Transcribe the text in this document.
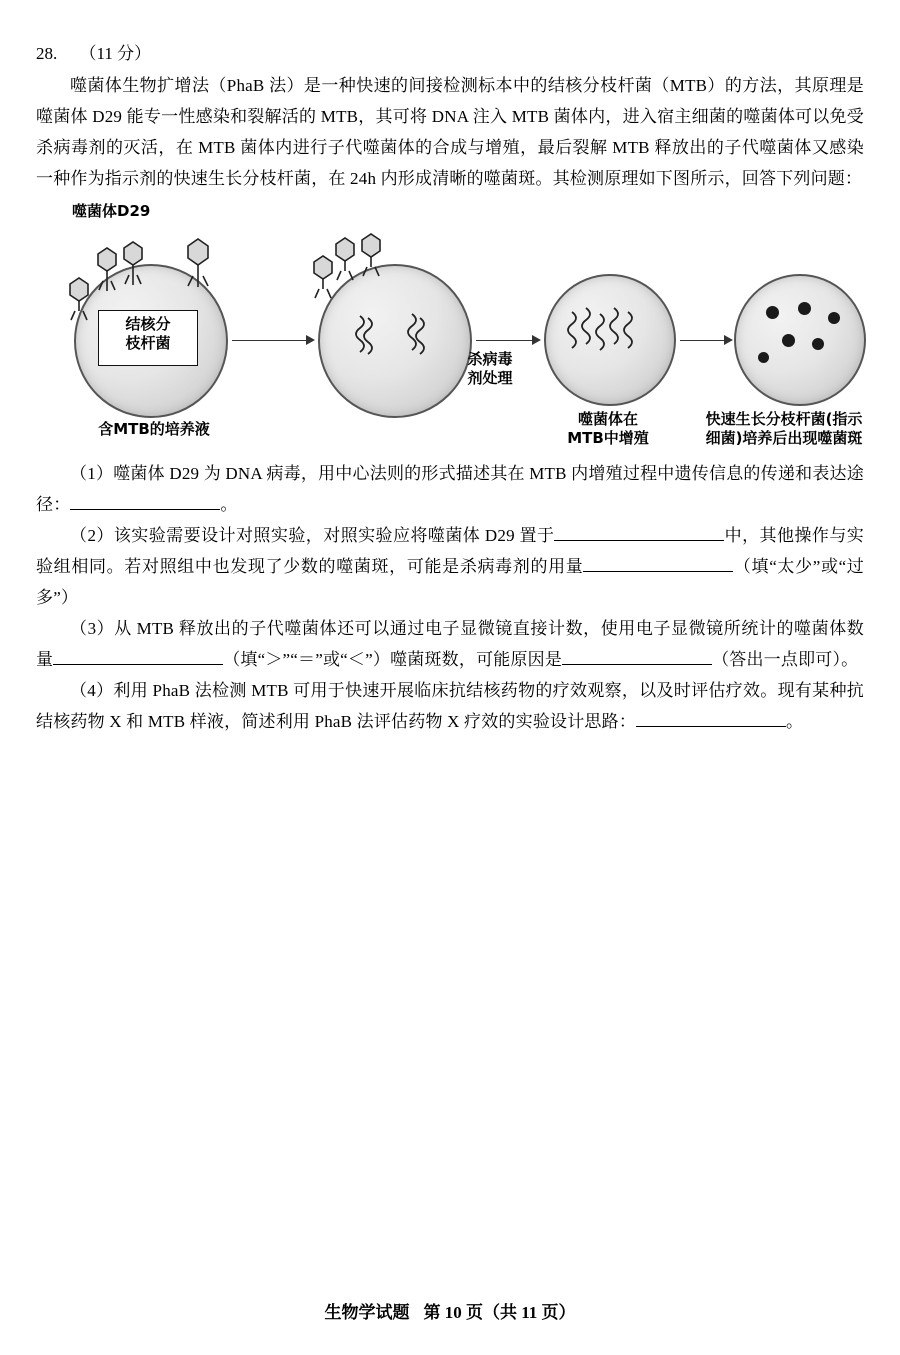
28. （11 分）

噬菌体生物扩增法（PhaB 法）是一种快速的间接检测标本中的结核分枝杆菌（MTB）的方法，其原理是噬菌体 D29 能专一性感染和裂解活的 MTB，其可将 DNA 注入 MTB 菌体内，进入宿主细菌的噬菌体可以免受杀病毒剂的灭活，在 MTB 菌体内进行子代噬菌体的合成与增殖，最后裂解 MTB 释放出的子代噬菌体又感染一种作为指示剂的快速生长分枝杆菌，在 24h 内形成清晰的噬菌斑。其检测原理如下图所示，回答下列问题：

噬菌体D29
结核分
枝杆菌
含MTB的培养液
杀病毒
剂处理
噬菌体在
MTB中增殖
快速生长分枝杆菌(指示
细菌)培养后出现噬菌斑

（1）噬菌体 D29 为 DNA 病毒，用中心法则的形式描述其在 MTB 内增殖过程中遗传信息的传递和表达途径：	。

（2）该实验需要设计对照实验，对照实验应将噬菌体 D29 置于	中，其他操作与实验组相同。若对照组中也发现了少数的噬菌斑，可能是杀病毒剂的用量	（填“太少”或“过多”）

（3）从 MTB 释放出的子代噬菌体还可以通过电子显微镜直接计数，使用电子显微镜所统计的噬菌体数量	（填“＞”“＝”或“＜”）噬菌斑数，可能原因是	（答出一点即可）。

（4）利用 PhaB 法检测 MTB 可用于快速开展临床抗结核药物的疗效观察，以及时评估疗效。现有某种抗结核药物 X 和 MTB 样液，简述利用 PhaB 法评估药物 X 疗效的实验设计思路：	。

生物学试题 第 10 页（共 11 页）
